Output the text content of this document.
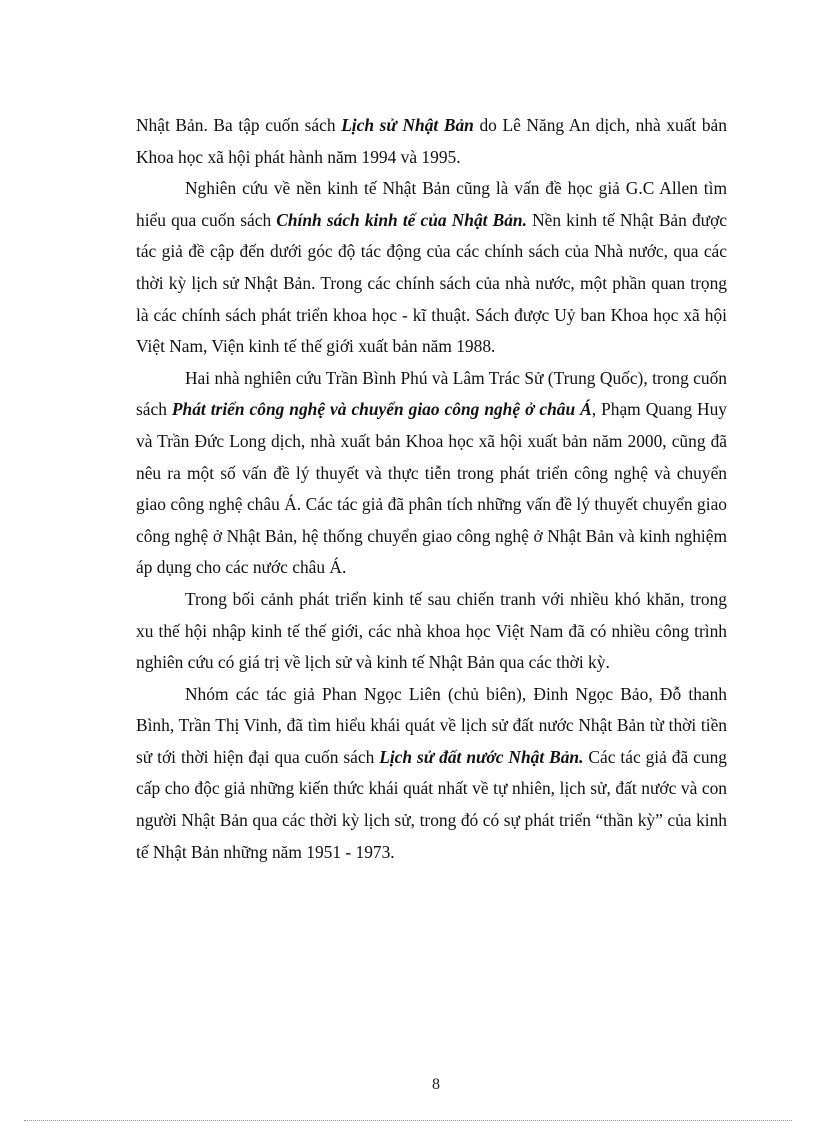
Nhật Bản. Ba tập cuốn sách Lịch sử Nhật Bản do Lê Năng An dịch, nhà xuất bản Khoa học xã hội phát hành năm 1994 và 1995.

Nghiên cứu về nền kinh tế Nhật Bản cũng là vấn đề học giả G.C Allen tìm hiểu qua cuốn sách Chính sách kinh tế của Nhật Bản. Nền kinh tế Nhật Bản được tác giả đề cập đến dưới góc độ tác động của các chính sách của Nhà nước, qua các thời kỳ lịch sử Nhật Bản. Trong các chính sách của nhà nước, một phần quan trọng là các chính sách phát triển khoa học - kĩ thuật. Sách được Uỷ ban Khoa học xã hội Việt Nam, Viện kinh tế thế giới xuất bản năm 1988.

Hai nhà nghiên cứu Trần Bình Phú và Lâm Trác Sử (Trung Quốc), trong cuốn sách Phát triển công nghệ và chuyển giao công nghệ ở châu Á, Phạm Quang Huy và Trần Đức Long dịch, nhà xuất bản Khoa học xã hội xuất bản năm 2000, cũng đã nêu ra một số vấn đề lý thuyết và thực tiễn trong phát triển công nghệ và chuyển giao công nghệ châu Á. Các tác giả đã phân tích những vấn đề lý thuyết chuyển giao công nghệ ở Nhật Bản, hệ thống chuyển giao công nghệ ở Nhật Bản và kinh nghiệm áp dụng cho các nước châu Á.

Trong bối cảnh phát triển kinh tế sau chiến tranh với nhiều khó khăn, trong xu thế hội nhập kinh tế thế giới, các nhà khoa học Việt Nam đã có nhiều công trình nghiên cứu có giá trị về lịch sử và kinh tế Nhật Bản qua các thời kỳ.

Nhóm các tác giả Phan Ngọc Liên (chủ biên), Đinh Ngọc Bảo, Đỗ thanh Bình, Trần Thị Vinh, đã tìm hiểu khái quát về lịch sử đất nước Nhật Bản từ thời tiền sử tới thời hiện đại qua cuốn sách Lịch sử đất nước Nhật Bản. Các tác giả đã cung cấp cho độc giả những kiến thức khái quát nhất về tự nhiên, lịch sử, đất nước và con người Nhật Bản qua các thời kỳ lịch sử, trong đó có sự phát triển “thần kỳ” của kinh tế Nhật Bản những năm 1951 - 1973.

8
